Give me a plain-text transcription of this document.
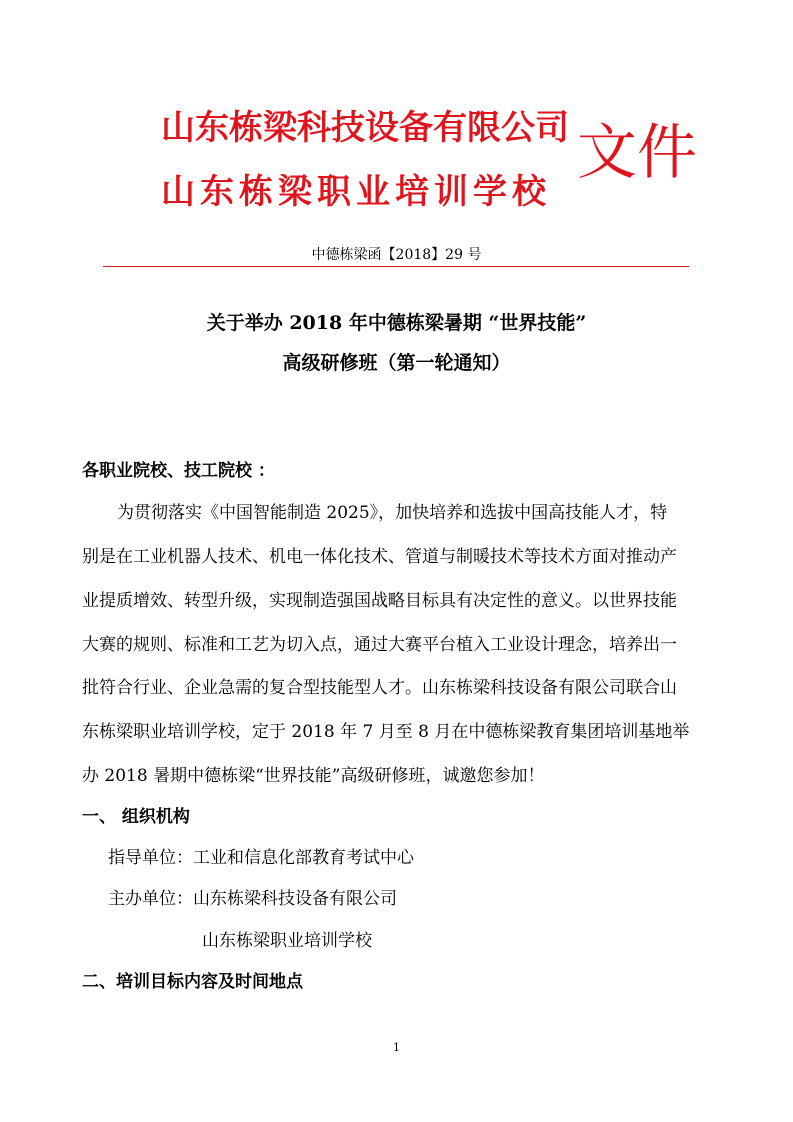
山东栋梁科技设备有限公司
山东栋梁职业培训学校
文件
中德栋梁函【2018】29 号
关于举办 2018 年中德栋梁暑期 “世界技能”
高级研修班（第一轮通知）
各职业院校、技工院校 ：
为贯彻落实《中国智能制造 2025》，加快培养和选拔中国高技能人才，特
别是在工业机器人技术、机电一体化技术、管道与制暖技术等技术方面对推动产
业提质增效、转型升级，实现制造强国战略目标具有决定性的意义。以世界技能
大赛的规则、标准和工艺为切入点，通过大赛平台植入工业设计理念，培养出一
批符合行业、企业急需的复合型技能型人才。山东栋梁科技设备有限公司联合山
东栋梁职业培训学校，定于 2018 年 7 月至 8 月在中德栋梁教育集团培训基地举
办 2018 暑期中德栋梁“世界技能”高级研修班，诚邀您参加！
一、 组织机构
指导单位：工业和信息化部教育考试中心
主办单位：山东栋梁科技设备有限公司
山东栋梁职业培训学校
二、培训目标内容及时间地点
1
